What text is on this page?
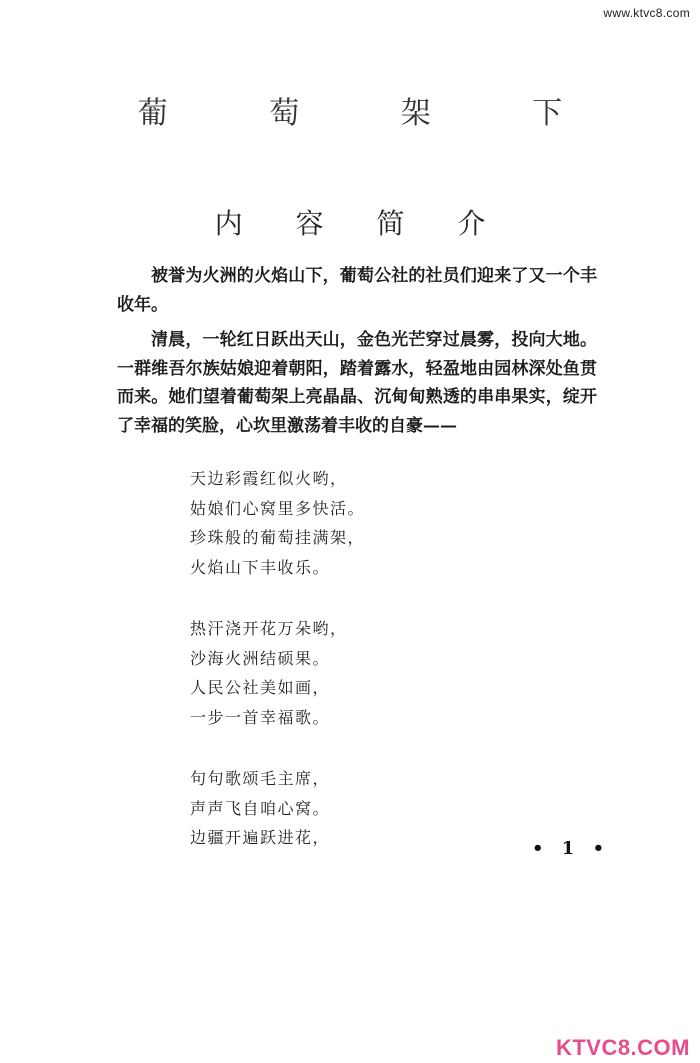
www.ktvc8.com
葡 萄 架 下
内 容 简 介

被誉为火洲的火焰山下，葡萄公社的社员们迎来了又一个丰收年。

清晨，一轮红日跃出天山，金色光芒穿过晨雾，投向大地。一群维吾尔族姑娘迎着朝阳，踏着露水，轻盈地由园林深处鱼贯而来。她们望着葡萄架上亮晶晶、沉甸甸熟透的串串果实，绽开了幸福的笑脸，心坎里激荡着丰收的自豪——

天边彩霞红似火哟，
姑娘们心窝里多快活。
珍珠般的葡萄挂满架，
火焰山下丰收乐。
热汗浇开花万朵哟，
沙海火洲结硕果。
人民公社美如画，
一步一首幸福歌。
句句歌颂毛主席，
声声飞自咱心窝。
边疆开遍跃进花，
• 1 •
KTVC8.COM
